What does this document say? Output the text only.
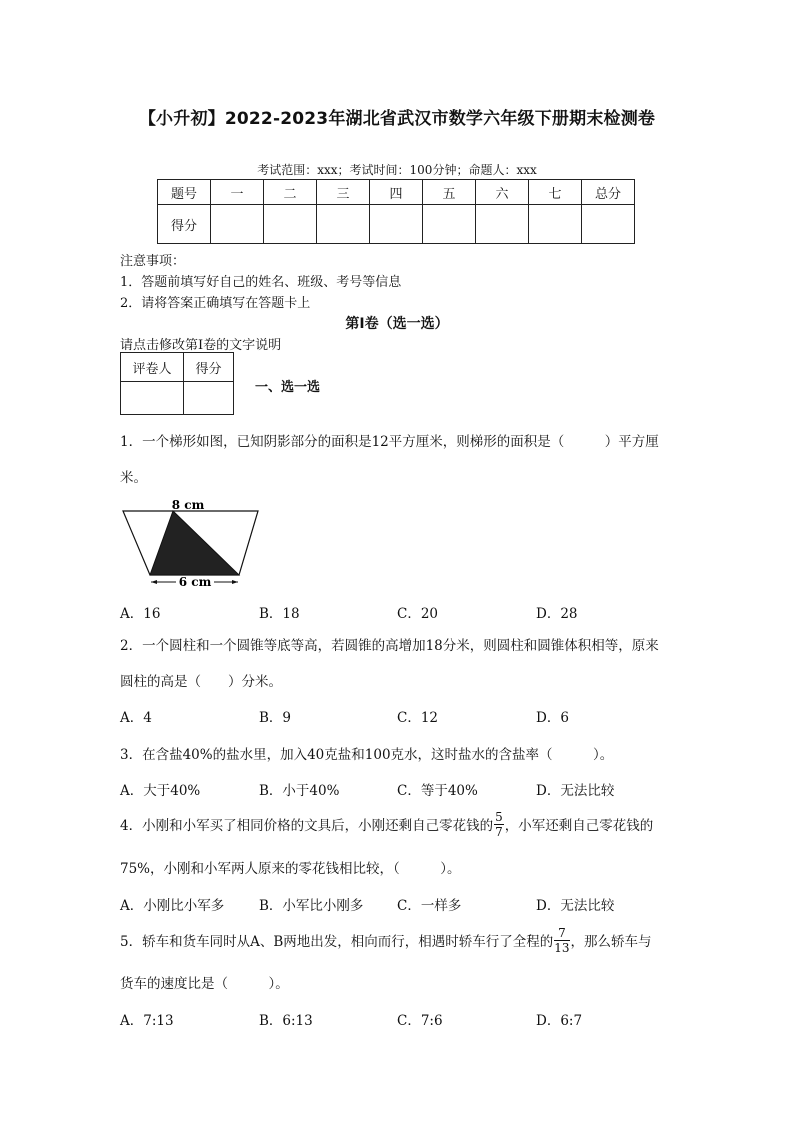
【小升初】2022-2023年湖北省武汉市数学六年级下册期末检测卷
考试范围：xxx；考试时间：100分钟；命题人：xxx
题号	一	二	三	四	五	六	七	总分
得分								
注意事项：
1．答题前填写好自己的姓名、班级、考号等信息
2．请将答案正确填写在答题卡上
第Ⅰ卷（选一选）
请点击修改第I卷的文字说明
评卷人	得分

一、选一选
1．一个梯形如图，已知阴影部分的面积是12平方厘米，则梯形的面积是（　　　）平方厘
米。
8 cm
6 cm
A．16	B．18	C．20	D．28
2．一个圆柱和一个圆锥等底等高，若圆锥的高增加18分米，则圆柱和圆锥体积相等，原来
圆柱的高是（　　）分米。
A．4	B．9	C．12	D．6
3．在含盐40%的盐水里，加入40克盐和100克水，这时盐水的含盐率（　　　）。
A．大于40%	B．小于40%	C．等于40%	D．无法比较
4．小刚和小军买了相同价格的文具后，小刚还剩自己零花钱的 $\frac{5}{7}$ ，小军还剩自己零花钱的
75%，小刚和小军两人原来的零花钱相比较，（　　　）。
A．小刚比小军多	B．小军比小刚多 C．一样多	D．无法比较
5．轿车和货车同时从A、B两地出发，相向而行，相遇时轿车行了全程的 $\frac{7}{13}$ ，那么轿车与
货车的速度比是（　　　）。
A．7:13	B．6:13	C．7:6	D．6:7
